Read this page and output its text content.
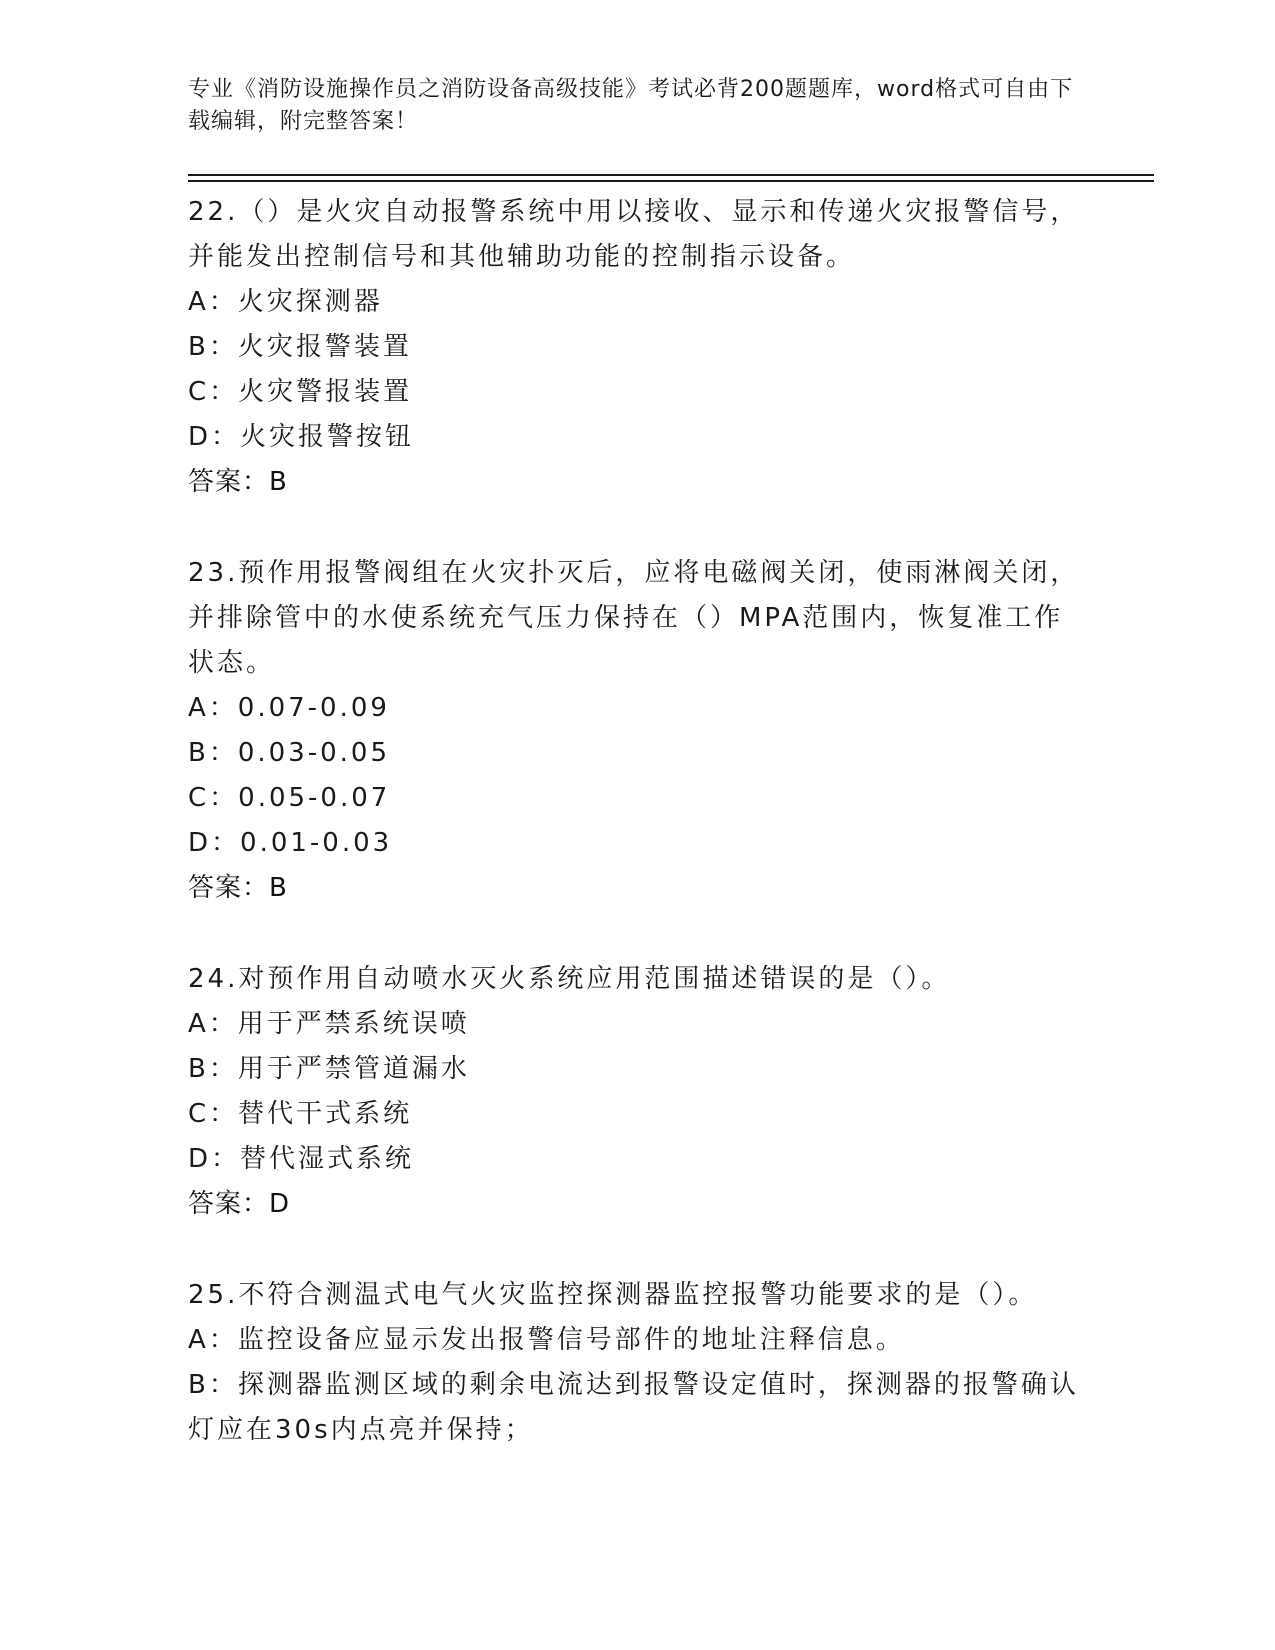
专业《消防设施操作员之消防设备高级技能》考试必背200题题库，word格式可自由下载编辑，附完整答案！

22.（）是火灾自动报警系统中用以接收、显示和传递火灾报警信号，并能发出控制信号和其他辅助功能的控制指示设备。

A：火灾探测器

B：火灾报警装置

C：火灾警报装置

D：火灾报警按钮

答案：B

23.预作用报警阀组在火灾扑灭后，应将电磁阀关闭，使雨淋阀关闭，并排除管中的水使系统充气压力保持在（）MPA范围内，恢复准工作状态。

A：0.07-0.09

B：0.03-0.05

C：0.05-0.07

D：0.01-0.03

答案：B

24.对预作用自动喷水灭火系统应用范围描述错误的是（）。

A：用于严禁系统误喷

B：用于严禁管道漏水

C：替代干式系统

D：替代湿式系统

答案：D

25.不符合测温式电气火灾监控探测器监控报警功能要求的是（）。

A：监控设备应显示发出报警信号部件的地址注释信息。

B：探测器监测区域的剩余电流达到报警设定值时，探测器的报警确认灯应在30s内点亮并保持；
